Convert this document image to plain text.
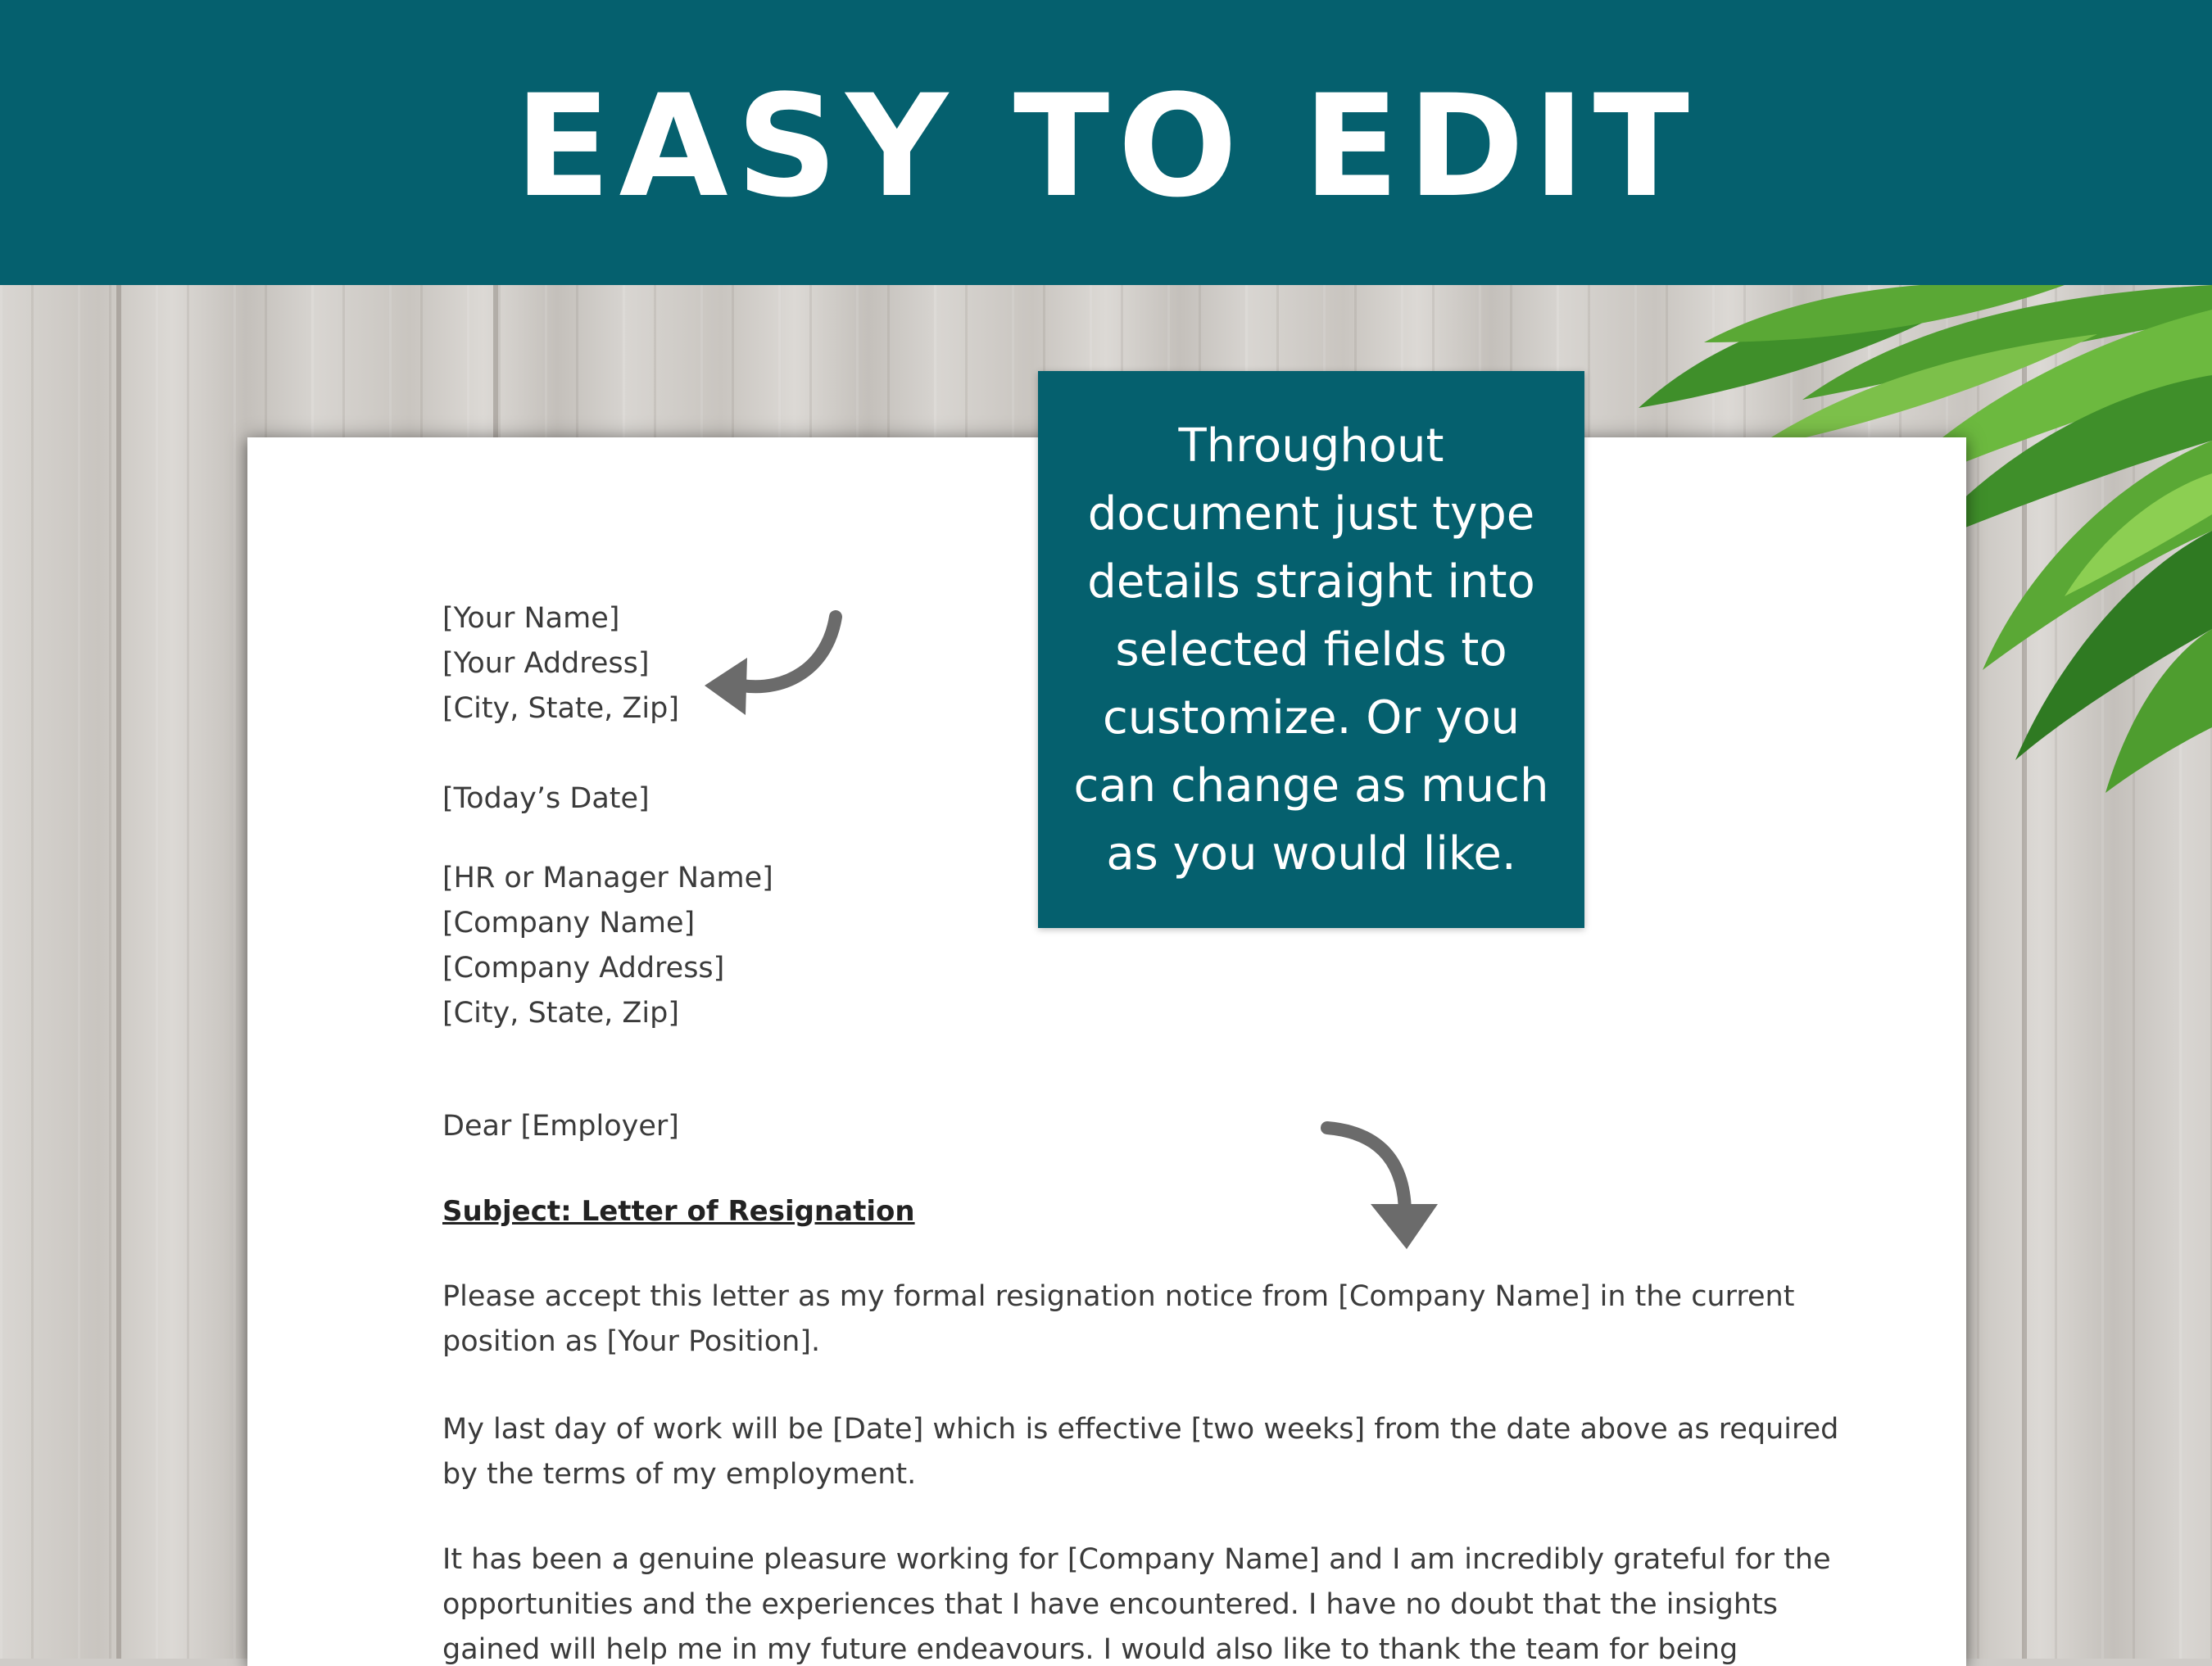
[Your Name]
[Your Address]
[City, State, Zip]
[Today’s Date]
[HR or Manager Name]
[Company Name]
[Company Address]
[City, State, Zip]
Dear [Employer]
Subject: Letter of Resignation
Please accept this letter as my formal resignation notice from [Company Name] in the current
position as [Your Position].
My last day of work will be [Date] which is effective [two weeks] from the date above as required
by the terms of my employment.
It has been a genuine pleasure working for [Company Name] and I am incredibly grateful for the
opportunities and the experiences that I have encountered. I have no doubt that the insights
gained will help me in my future endeavours. I would also like to thank the team for being
Throughout document just type details straight into selected fields to customize. Or you can change as much as you would like.
EASY TO EDIT
